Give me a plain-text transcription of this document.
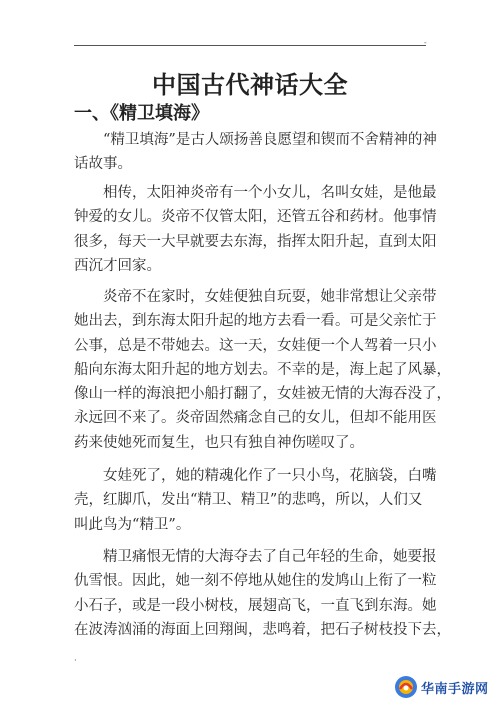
-
中国古代神话大全
一、《精卫填海》
“精卫填海”是古人颂扬善良愿望和锲而不舍精神的神
话故事。
相传，太阳神炎帝有一个小女儿，名叫女娃，是他最
钟爱的女儿。炎帝不仅管太阳，还管五谷和药材。他事情
很多，每天一大早就要去东海，指挥太阳升起，直到太阳
西沉才回家。
炎帝不在家时，女娃便独自玩耍，她非常想让父亲带
她出去，到东海太阳升起的地方去看一看。可是父亲忙于
公事，总是不带她去。这一天，女娃便一个人驾着一只小
船向东海太阳升起的地方划去。不幸的是，海上起了风暴，
像山一样的海浪把小船打翻了，女娃被无情的大海吞没了，
永远回不来了。炎帝固然痛念自己的女儿，但却不能用医
药来使她死而复生，也只有独自神伤嗟叹了。
女娃死了，她的精魂化作了一只小鸟，花脑袋，白嘴
壳，红脚爪，发出“精卫、精卫”的悲鸣，所以，人们又
叫此鸟为“精卫”。
精卫痛恨无情的大海夺去了自己年轻的生命，她要报
仇雪恨。因此，她一刻不停地从她住的发鸠山上衔了一粒
小石子，或是一段小树枝，展翅高飞，一直飞到东海。她
在波涛汹涌的海面上回翔闽，悲鸣着，把石子树枝投下去，
·
华南手游网
